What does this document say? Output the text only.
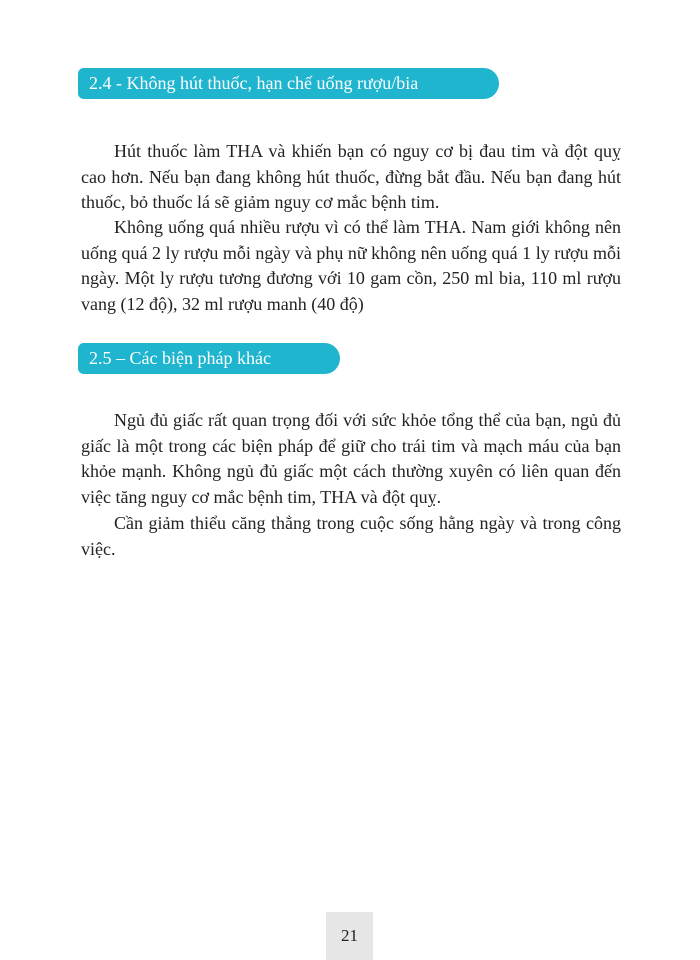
2.4 - Không hút thuốc, hạn chế uống rượu/bia

Hút thuốc làm THA và khiến bạn có nguy cơ bị đau tim và đột quỵ cao hơn. Nếu bạn đang không hút thuốc, đừng bắt đầu. Nếu bạn đang hút thuốc, bỏ thuốc lá sẽ giảm nguy cơ mắc bệnh tim.

Không uống quá nhiều rượu vì có thể làm THA. Nam giới không nên uống quá 2 ly rượu mỗi ngày và phụ nữ không nên uống quá 1 ly rượu mỗi ngày. Một ly rượu tương đương với 10 gam cồn, 250 ml bia, 110 ml rượu vang (12 độ), 32 ml rượu manh (40 độ)

2.5 – Các biện pháp khác

Ngủ đủ giấc rất quan trọng đối với sức khỏe tổng thể của bạn, ngủ đủ giấc là một trong các biện pháp để giữ cho trái tim và mạch máu của bạn khỏe mạnh. Không ngủ đủ giấc một cách thường xuyên có liên quan đến việc tăng nguy cơ mắc bệnh tim, THA và đột quỵ.

Cần giảm thiểu căng thẳng trong cuộc sống hằng ngày và trong công việc.

21
